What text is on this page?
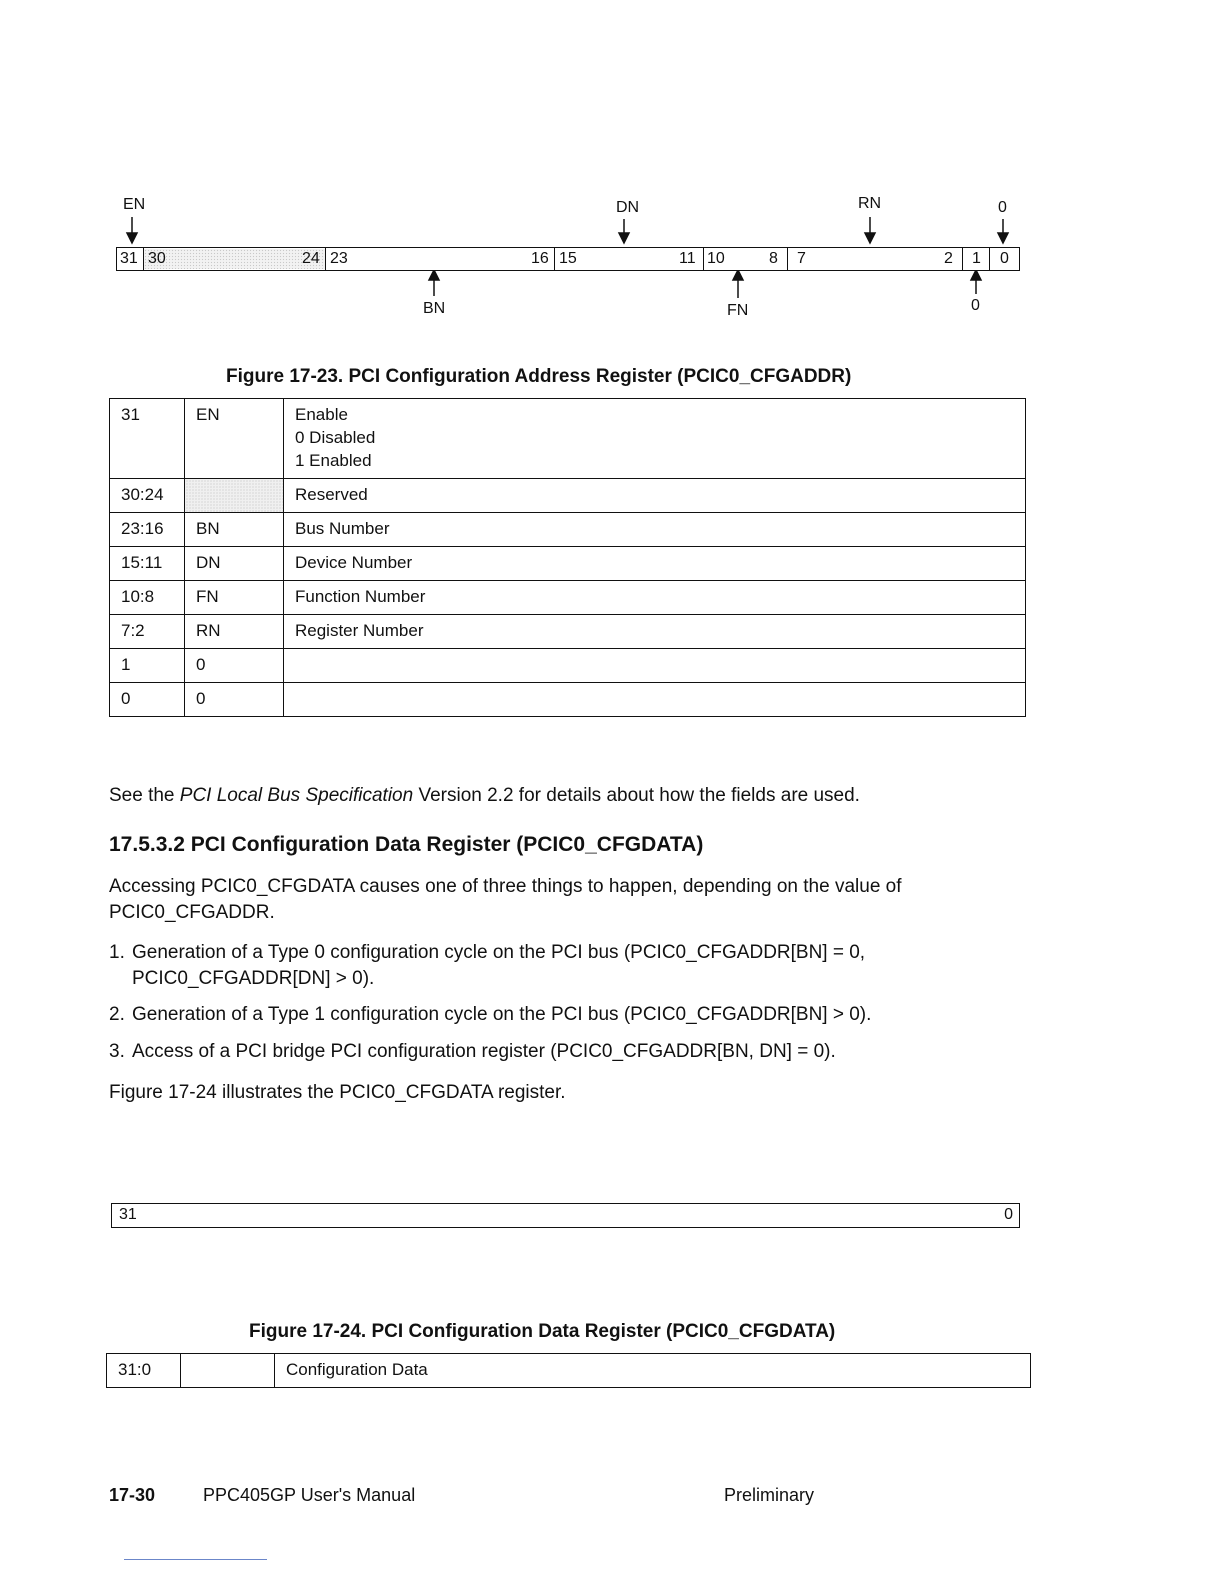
EN	DN	RN	0
31 30	24 23	16 15	11 10	8 7	2 1 0
BN	FN	0
Figure 17-23. PCI Configuration Address Register (PCIC0_CFGADDR)
31	EN	Enable
0 Disabled
1 Enabled

30:24		Reserved

23:16	BN	Bus Number

15:11	DN	Device Number

10:8	FN	Function Number

7:2	RN	Register Number

1	0	

0	0	
See the PCI Local Bus Specification Version 2.2 for details about how the fields are used.
17.5.3.2 PCI Configuration Data Register (PCIC0_CFGDATA)
Accessing PCIC0_CFGDATA causes one of three things to happen, depending on the value of PCIC0_CFGADDR.
1. Generation of a Type 0 configuration cycle on the PCI bus (PCIC0_CFGADDR[BN] = 0, PCIC0_CFGADDR[DN] > 0).
2. Generation of a Type 1 configuration cycle on the PCI bus (PCIC0_CFGADDR[BN] > 0).
3. Access of a PCI bridge PCI configuration register (PCIC0_CFGADDR[BN, DN] = 0).
Figure 17-24 illustrates the PCIC0_CFGDATA register.
31	0
Figure 17-24. PCI Configuration Data Register (PCIC0_CFGDATA)
31:0		Configuration Data
17-30	PPC405GP User's Manual	Preliminary
